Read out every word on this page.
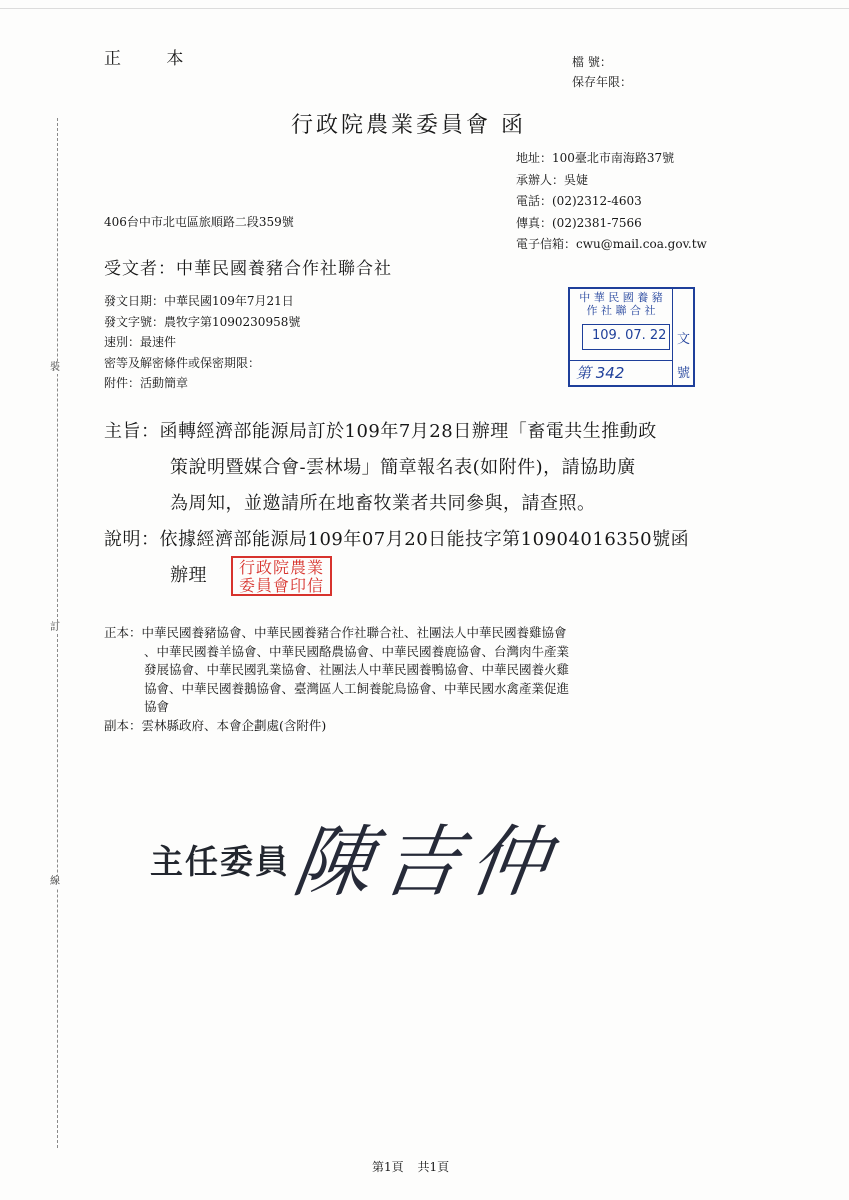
裝
訂
線
正 本	檔 號：
保存年限：
行政院農業委員會 函
地址：100臺北市南海路37號
承辦人：吳婕
電話：(02)2312-4603
傳真：(02)2381-7566
電子信箱：cwu@mail.coa.gov.tw
406台中市北屯區旅順路二段359號
受文者：中華民國養豬合作社聯合社
發文日期：中華民國109年7月21日
發文字號：農牧字第1090230958號
速別：最速件
密等及解密條件或保密期限：
附件：活動簡章
中 華 民 國 養 豬
作 社 聯 合 社
109. 07. 22 文
第 342	號
主旨：函轉經濟部能源局訂於109年7月28日辦理「畜電共生推動政
策說明暨媒合會-雲林場」簡章報名表(如附件)，請協助廣
為周知，並邀請所在地畜牧業者共同參與，請查照。
說明：依據經濟部能源局109年07月20日能技字第10904016350號函
辦理	行政院農業
委員會印信
正本：中華民國養豬協會、中華民國養豬合作社聯合社、社團法人中華民國養雞協會
、中華民國養羊協會、中華民國酪農協會、中華民國養鹿協會、台灣肉牛產業
發展協會、中華民國乳業協會、社團法人中華民國養鴨協會、中華民國養火雞
協會、中華民國養鵝協會、臺灣區人工飼養鴕鳥協會、中華民國水禽產業促進
協會
副本：雲林縣政府、本會企劃處(含附件)
主任委員
陳吉仲
第1頁 共1頁
